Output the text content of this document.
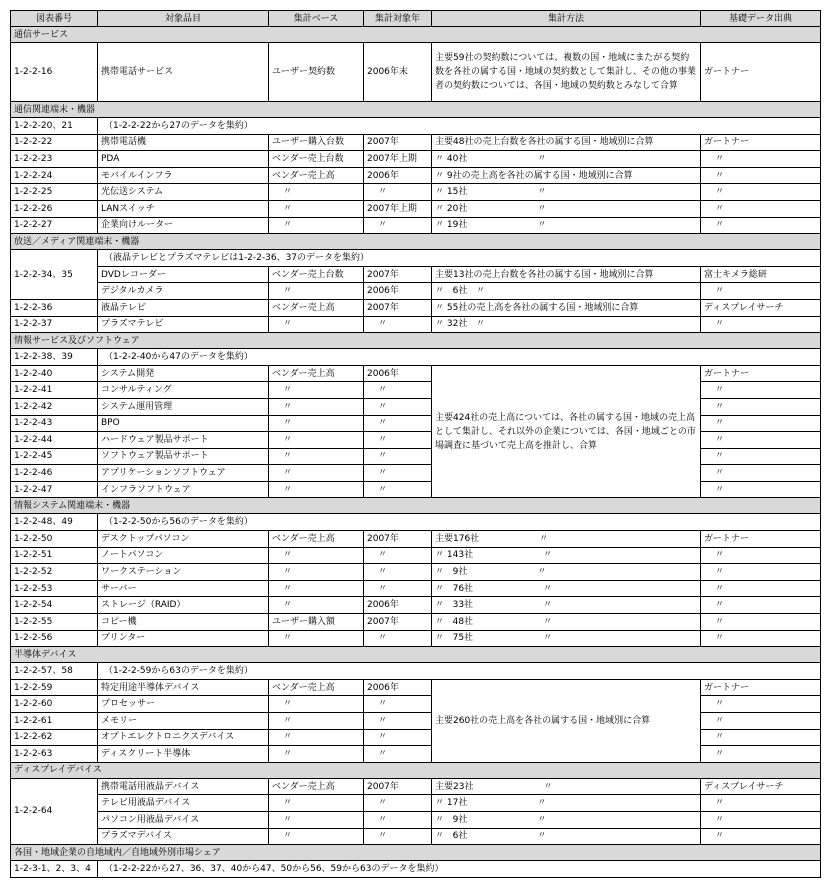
図表番号	対象品目	集計ベース	集計対象年	集計方法	基礎データ出典
通信サービス					
1-2-2-16	携帯電話サービス	ユーザー契約数	2006年末	主要59社の契約数については、複数の国・地域にまたがる契約数を各社の属する国・地域の契約数として集計し、その他の事業者の契約数については、各国・地域の契約数とみなして合算	ガートナー
通信関連端末・機器					
1-2-2-20、21	（1-2-2-22から27のデータを集約）				
1-2-2-22	携帯電話機	ユーザー購入台数	2007年	主要48社の売上台数を各社の属する国・地域別に合算	ガートナー
1-2-2-23	PDA	ベンダー売上台数	2007年上期	〃 40社 〃	〃
1-2-2-24	モバイルインフラ	ベンダー売上高	2006年	〃 9社の売上高を各社の属する国・地域別に合算	〃
1-2-2-25	光伝送システム	〃	〃	〃 15社 〃	〃
1-2-2-26	LANスイッチ	〃	2007年上期	〃 20社 〃	〃
1-2-2-27	企業向けルーター	〃	〃	〃 19社 〃	〃
放送／メディア関連端末・機器					
1-2-2-34、35	（液晶テレビとプラズマテレビは1-2-2-36、37のデータを集約）				
	DVDレコーダー	ベンダー売上台数	2007年	主要13社の売上台数を各社の属する国・地域別に合算	富士キメラ総研
	デジタルカメラ	〃	2006年	〃 6社 〃	〃
1-2-2-36	液晶テレビ	ベンダー売上高	2007年	〃 55社の売上高を各社の属する国・地域別に合算	ディスプレイサーチ
1-2-2-37	プラズマテレビ	〃	〃	〃 32社 〃	〃
情報サービス及びソフトウェア					
1-2-2-38、39	（1-2-2-40から47のデータを集約）				
1-2-2-40	システム開発	ベンダー売上高	2006年	主要424社の売上高については、各社の属する国・地域の売上高として集計し、それ以外の企業については、各国・地域ごとの市場調査に基づいて売上高を推計し、合算	ガートナー
1-2-2-41	コンサルティング	〃	〃		〃
1-2-2-42	システム運用管理	〃	〃		〃
1-2-2-43	BPO	〃	〃		〃
1-2-2-44	ハードウェア製品サポート	〃	〃		〃
1-2-2-45	ソフトウェア製品サポート	〃	〃		〃
1-2-2-46	アプリケーションソフトウェア	〃	〃		〃
1-2-2-47	インフラソフトウェア	〃	〃		〃
情報システム関連端末・機器					
1-2-2-48、49	（1-2-2-50から56のデータを集約）				
1-2-2-50	デスクトップパソコン	ベンダー売上高	2007年	主要176社 〃	ガートナー
1-2-2-51	ノートパソコン	〃	〃	〃 143社 〃	〃
1-2-2-52	ワークステーション	〃	〃	〃 9社 〃	〃
1-2-2-53	サーバー	〃	〃	〃 76社 〃	〃
1-2-2-54	ストレージ（RAID）	〃	2006年	〃 33社 〃	〃
1-2-2-55	コピー機	ユーザー購入額	2007年	〃 48社 〃	〃
1-2-2-56	プリンター	〃	〃	〃 75社 〃	〃
半導体デバイス					
1-2-2-57、58	（1-2-2-59から63のデータを集約）				
1-2-2-59	特定用途半導体デバイス	ベンダー売上高	2006年	主要260社の売上高を各社の属する国・地域別に合算	ガートナー
1-2-2-60	プロセッサー	〃	〃		〃
1-2-2-61	メモリー	〃	〃		〃
1-2-2-62	オプトエレクトロニクスデバイス	〃	〃		〃
1-2-2-63	ディスクリート半導体	〃	〃		〃
ディスプレイデバイス					
1-2-2-64	携帯電話用液晶デバイス	ベンダー売上高	2007年	主要23社 〃	ディスプレイサーチ
	テレビ用液晶デバイス	〃	〃	〃 17社 〃	〃
	パソコン用液晶デバイス	〃	〃	〃 9社 〃	〃
	プラズマデバイス	〃	〃	〃 6社 〃	〃
各国・地域企業の自地域内／自地域外別市場シェア					
1-2-3-1、2、3、4	（1-2-2-22から27、36、37、40から47、50から56、59から63のデータを集約）				
